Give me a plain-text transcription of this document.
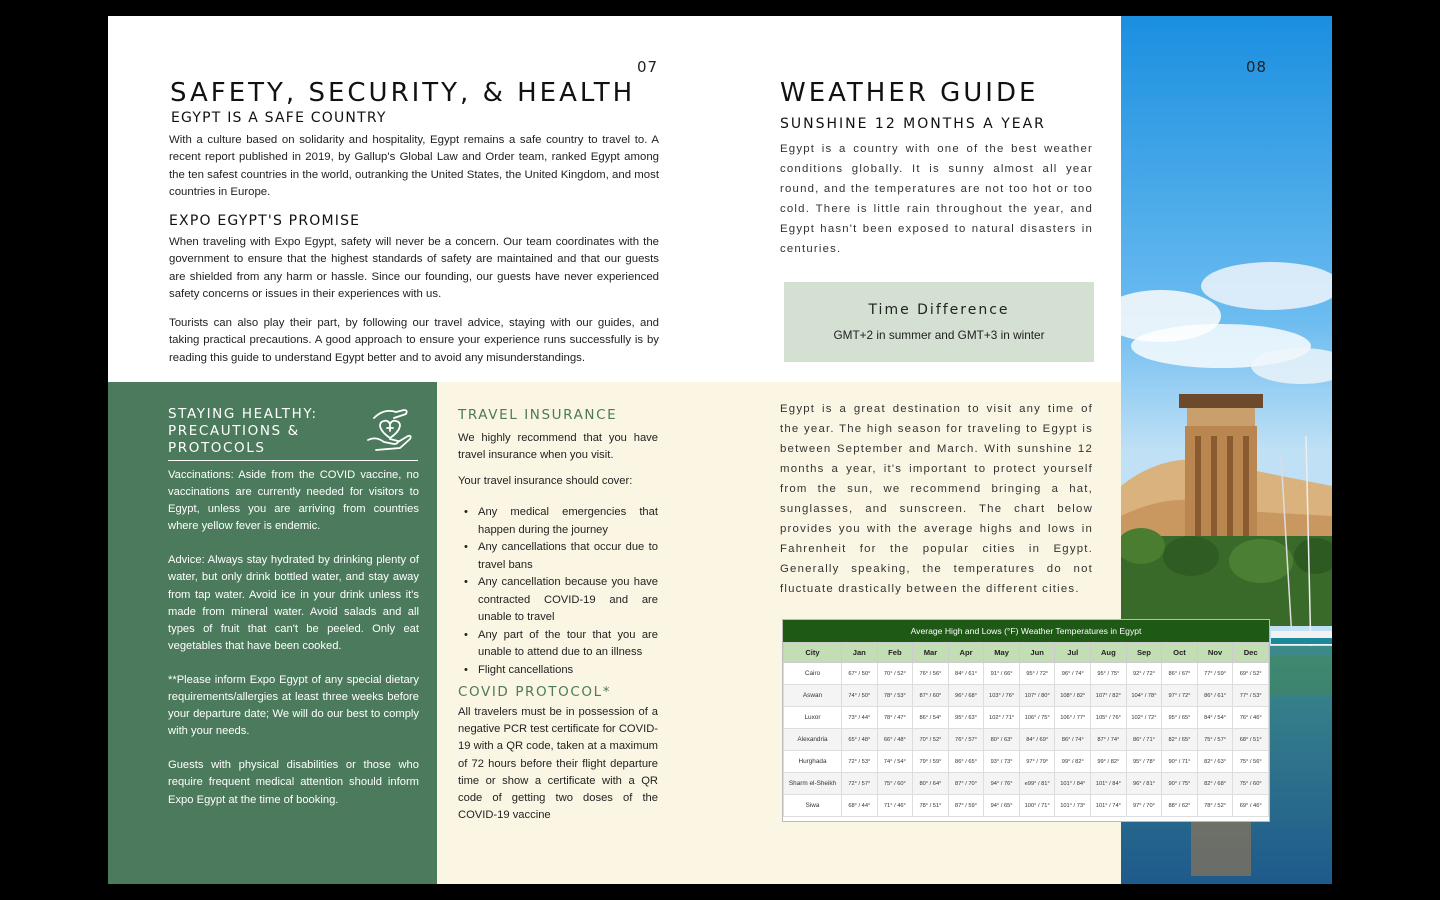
07
SAFETY, SECURITY, & HEALTH
EGYPT IS A SAFE COUNTRY
With a culture based on solidarity and hospitality, Egypt remains a safe country to travel to. A recent report published in 2019, by Gallup's Global Law and Order team, ranked Egypt among the ten safest countries in the world, outranking the United States, the United Kingdom, and most countries in Europe.
EXPO EGYPT'S PROMISE
When traveling with Expo Egypt, safety will never be a concern. Our team coordinates with the government to ensure that the highest standards of safety are maintained and that our guests are shielded from any harm or hassle. Since our founding, our guests have never experienced safety concerns or issues in their experiences with us.
Tourists can also play their part, by following our travel advice, staying with our guides, and taking practical precautions. A good approach to ensure your experience runs successfully is by reading this guide to understand Egypt better and to avoid any misunderstandings.
WEATHER GUIDE
SUNSHINE 12 MONTHS A YEAR
Egypt is a country with one of the best weather conditions globally. It is sunny almost all year round, and the temperatures are not too hot or too cold. There is little rain throughout the year, and Egypt hasn't been exposed to natural disasters in centuries.
Time Difference
GMT+2 in summer and GMT+3 in winter
STAYING HEALTHY:
PRECAUTIONS &
PROTOCOLS

Vaccinations: Aside from the COVID vaccine, no vaccinations are currently needed for visitors to Egypt, unless you are arriving from countries where yellow fever is endemic.

Advice: Always stay hydrated by drinking plenty of water, but only drink bottled water, and stay away from tap water. Avoid ice in your drink unless it's made from mineral water. Avoid salads and all types of fruit that can't be peeled. Only eat vegetables that have been cooked.

**Please inform Expo Egypt of any special dietary requirements/allergies at least three weeks before your departure date; We will do our best to comply with your needs.

Guests with physical disabilities or those who require frequent medical attention should inform Expo Egypt at the time of booking.

TRAVEL INSURANCE
We highly recommend that you have travel insurance when you visit.
Your travel insurance should cover:
• Any medical emergencies that happen during the journey
• Any cancellations that occur due to travel bans
• Any cancellation because you have contracted COVID-19 and are unable to travel
• Any part of the tour that you are unable to attend due to an illness
• Flight cancellations
COVID PROTOCOL*
All travelers must be in possession of a negative PCR test certificate for COVID-19 with a QR code, taken at a maximum of 72 hours before their flight departure time or show a certificate with a QR code of getting two doses of the COVID-19 vaccine
Egypt is a great destination to visit any time of the year. The high season for traveling to Egypt is between September and March. With sunshine 12 months a year, it's important to protect yourself from the sun, we recommend bringing a hat, sunglasses, and sunscreen. The chart below provides you with the average highs and lows in Fahrenheit for the popular cities in Egypt. Generally speaking, the temperatures do not fluctuate drastically between the different cities.
08
Average High and Lows (°F) Weather Temperatures in Egypt
City	Jan	Feb	Mar	Apr	May	Jun	Jul	Aug	Sep	Oct	Nov	Dec
Cairo	67° / 50°	70° / 52°	76° / 56°	84° / 61°	91° / 66°	95° / 72°	96° / 74°	95° / 75°	92° / 72°	86° / 67°	77° / 59°	69° / 52°
Aswan	74° / 50°	78° / 53°	87° / 60°	96° / 68°	103° / 76°	107° / 80°	108° / 82°	107° / 82°	104° / 78°	97° / 72°	86° / 61°	77° / 53°
Luxor	73° / 44°	78° / 47°	86° / 54°	95° / 63°	102° / 71°	106° / 75°	106° / 77°	105° / 76°	102° / 72°	95° / 65°	84° / 54°	76° / 46°
Alexandria	65° / 48°	66° / 48°	70° / 52°	76° / 57°	80° / 63°	84° / 69°	86° / 74°	87° / 74°	86° / 71°	82° / 65°	75° / 57°	68° / 51°
Hurghada	72° / 53°	74° / 54°	79° / 59°	86° / 65°	93° / 73°	97° / 79°	99° / 82°	99° / 82°	95° / 78°	90° / 71°	82° / 63°	75° / 56°
Sharm el-Sheikh	72° / 57°	75° / 60°	80° / 64°	87° / 70°	94° / 76°	e99° / 81°	101° / 84°	101° / 84°	96° / 81°	90° / 75°	82° / 68°	75° / 60°
Siwa	68° / 44°	71° / 46°	78° / 51°	87° / 59°	94° / 65°	100° / 71°	101° / 73°	101° / 74°	97° / 70°	88° / 62°	78° / 52°	69° / 46°
